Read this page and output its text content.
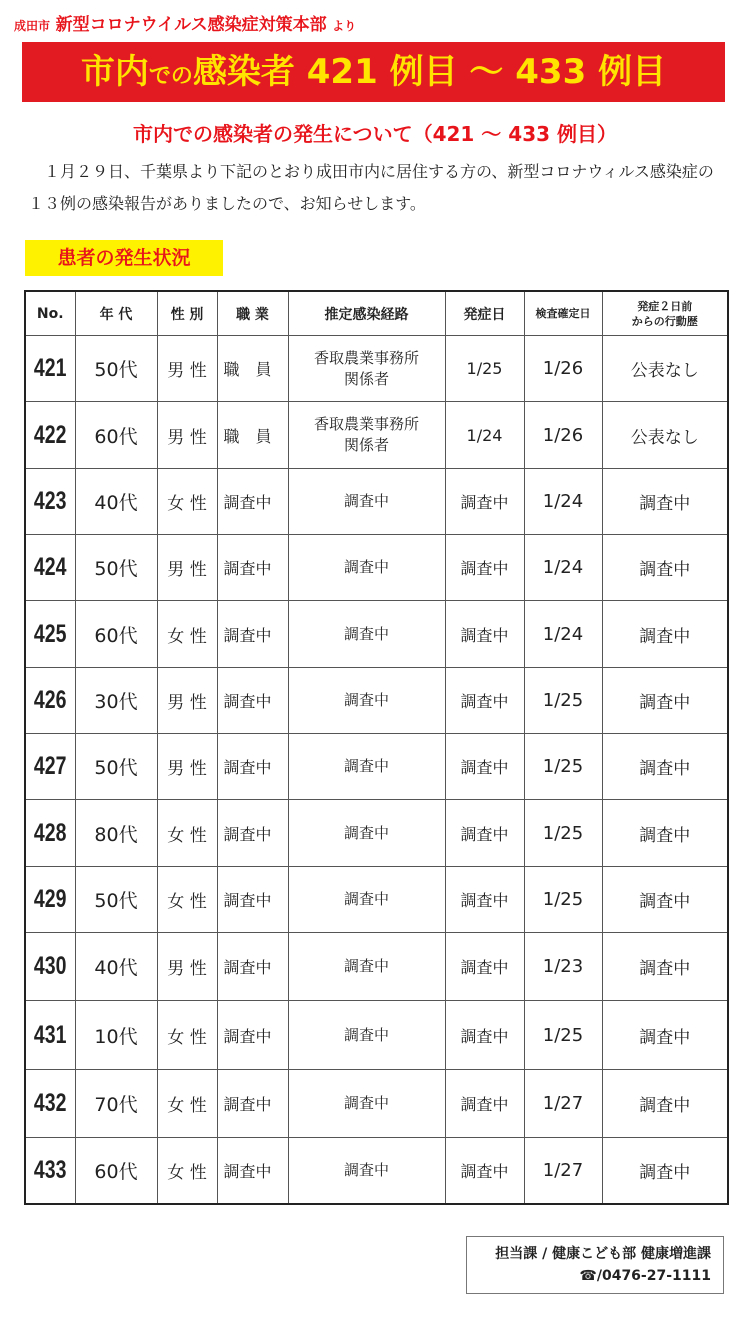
成田市 新型コロナウイルス感染症対策本部 より
市内での感染者 421 例目 ～ 433 例目
市内での感染者の発生について（421 ～ 433 例目）
　１月２９日、千葉県より下記のとおり成田市内に居住する方の、新型コロナウィルス感染症の１３例の感染報告がありましたので、お知らせします。
患者の発生状況
No.	年 代	性 別	職 業	推定感染経路	発症日	検査確定日	発症２日前
からの行動歴

421	50代	男 性	職　員	香取農業事務所
関係者	1/25	1/26	公表なし
422	60代	男 性	職　員	香取農業事務所
関係者	1/24	1/26	公表なし
423	40代	女 性	調査中	調査中	調査中	1/24	調査中
424	50代	男 性	調査中	調査中	調査中	1/24	調査中
425	60代	女 性	調査中	調査中	調査中	1/24	調査中
426	30代	男 性	調査中	調査中	調査中	1/25	調査中
427	50代	男 性	調査中	調査中	調査中	1/25	調査中
428	80代	女 性	調査中	調査中	調査中	1/25	調査中
429	50代	女 性	調査中	調査中	調査中	1/25	調査中
430	40代	男 性	調査中	調査中	調査中	1/23	調査中
431	10代	女 性	調査中	調査中	調査中	1/25	調査中
432	70代	女 性	調査中	調査中	調査中	1/27	調査中
433	60代	女 性	調査中	調査中	調査中	1/27	調査中
担当課 / 健康こども部 健康増進課
☎/0476-27-1111
